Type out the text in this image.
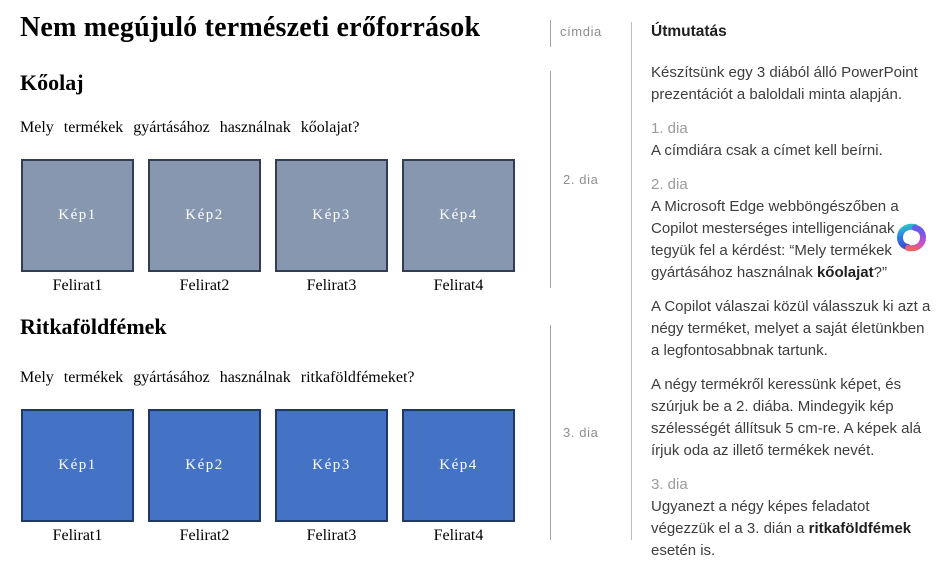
Nem megújuló természeti erőforrások
Kőolaj

Mely termékek gyártásához használnak kőolajat?

Kép1
Felirat1
Kép2
Felirat2
Kép3
Felirat3
Kép4
Felirat4
Ritkaföldfémek

Mely termékek gyártásához használnak ritkaföldfémeket?

Kép1
Felirat1
Kép2
Felirat2
Kép3
Felirat3
Kép4
Felirat4
címdia
2. dia
3. dia
Útmutatás

Készítsünk egy 3 diából álló PowerPoint prezentációt a baloldali minta alapján.

1. dia

A címdiára csak a címet kell beírni.

2. dia

A Microsoft Edge webböngészőben a Copilot mesterséges intelligenciának tegyük fel a kérdést: “Mely termékek gyártásához használnak kőolajat?”

A Copilot válaszai közül válasszuk ki azt a négy terméket, melyet a saját életünkben a legfontosabbnak tartunk.

A négy termékről keressünk képet, és szúrjuk be a 2. diába. Mindegyik kép szélességét állítsuk 5 cm-re. A képek alá írjuk oda az illető termékek nevét.

3. dia

Ugyanezt a négy képes feladatot végezzük el a 3. dián a ritkaföldfémek esetén is.
